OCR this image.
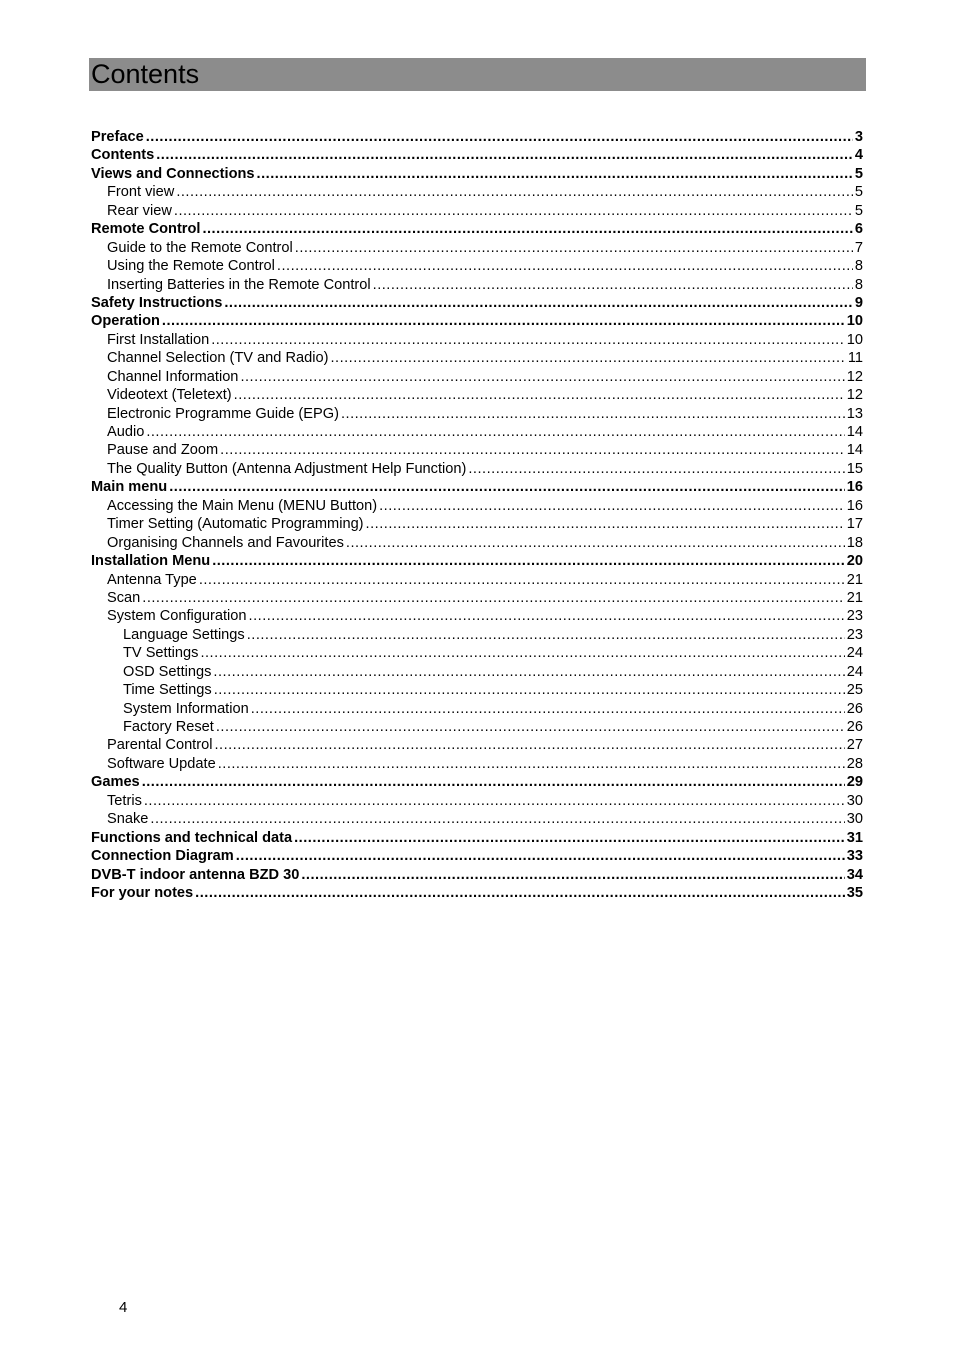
Contents
Preface .....	3
Contents .....	4
Views and Connections .....	5
Front view .....	5
Rear view .....	5
Remote Control .....	6
Guide to the Remote Control .....	7
Using the Remote Control .....	8
Inserting Batteries in the Remote Control .....	8
Safety Instructions .....	9
Operation .....	10
First Installation .....	10
Channel Selection (TV and Radio) .....	11
Channel Information .....	12
Videotext (Teletext) .....	12
Electronic Programme Guide (EPG) .....	13
Audio .....	14
Pause and Zoom .....	14
The Quality Button (Antenna Adjustment Help Function) .....	15
Main menu .....	16
Accessing the Main Menu (MENU Button) .....	16
Timer Setting (Automatic Programming) .....	17
Organising Channels and Favourites .....	18
Installation Menu .....	20
Antenna Type .....	21
Scan .....	21
System Configuration .....	23
Language Settings .....	23
TV Settings .....	24
OSD Settings .....	24
Time Settings .....	25
System Information .....	26
Factory Reset .....	26
Parental Control .....	27
Software Update .....	28
Games .....	29
Tetris .....	30
Snake .....	30
Functions and technical data .....	31
Connection Diagram .....	33
DVB-T indoor antenna BZD 30 .....	34
For your notes .....	35
4
